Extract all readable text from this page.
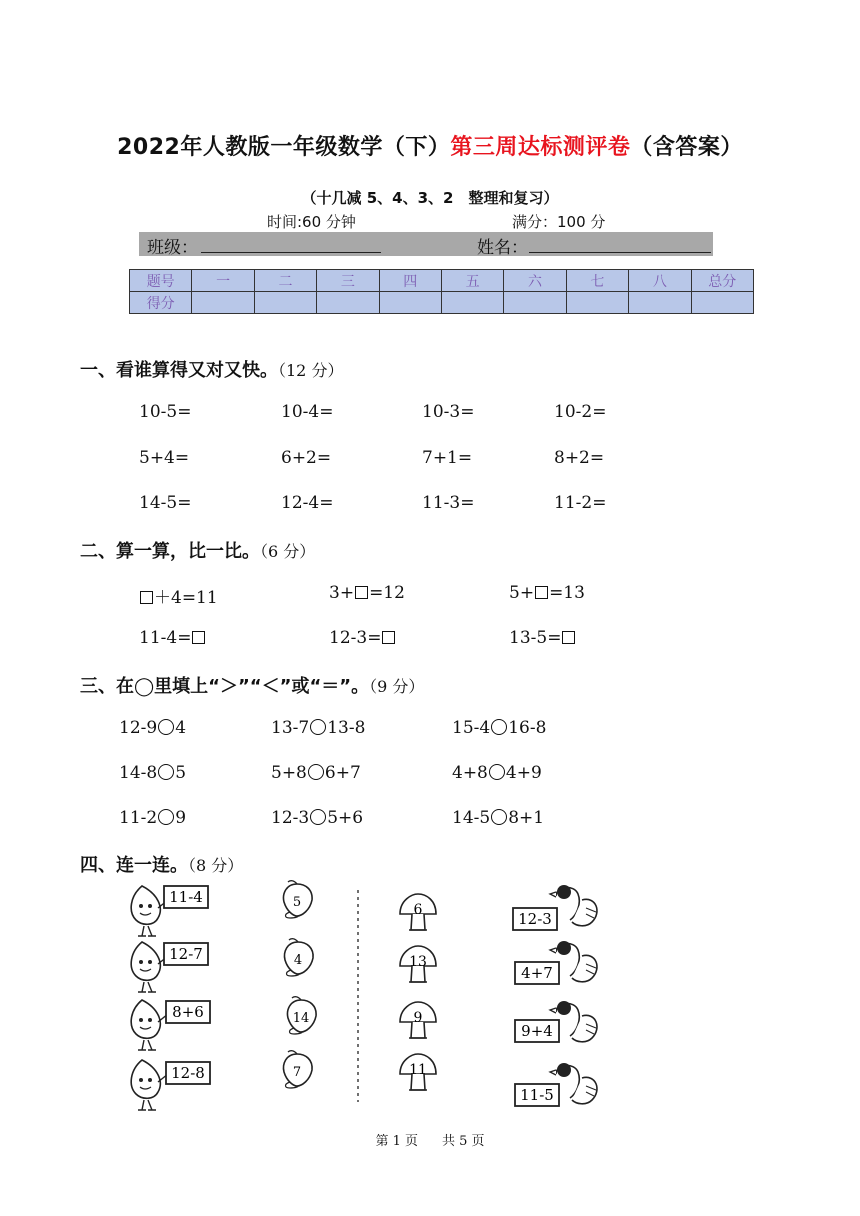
2022年人教版一年级数学（下）第三周达标测评卷（含答案）
（十几减 5、4、3、2　整理和复习）
时间:60 分钟	满分：100 分
班级：	姓名：
题号	一	二	三	四	五	六	七	八	总分
得分									
一、看谁算得又对又快。（12 分）
10-5=	10-4=	10-3=	10-2=
5+4=	6+2=	7+1=	8+2=
14-5=	12-4=	11-3=	11-2=
二、算一算，比一比。（6 分）
＋4=11	3+ =12	5+ =13
11-4=	12-3=	13-5=
三、在◯里填上“＞”“＜”或“＝”。（9 分）
12-9 4	13-7 13-8	15-4 16-8
14-8 5	5+8 6+7	4+8 4+9
11-2 9	12-3 5+6	14-5 8+1
四、连一连。（8 分）
11-4
12-7
8+6
12-8
5
4
14
7
6
13
9
11
12-3
4+7
9+4
11-5
第 1 页 共 5 页
